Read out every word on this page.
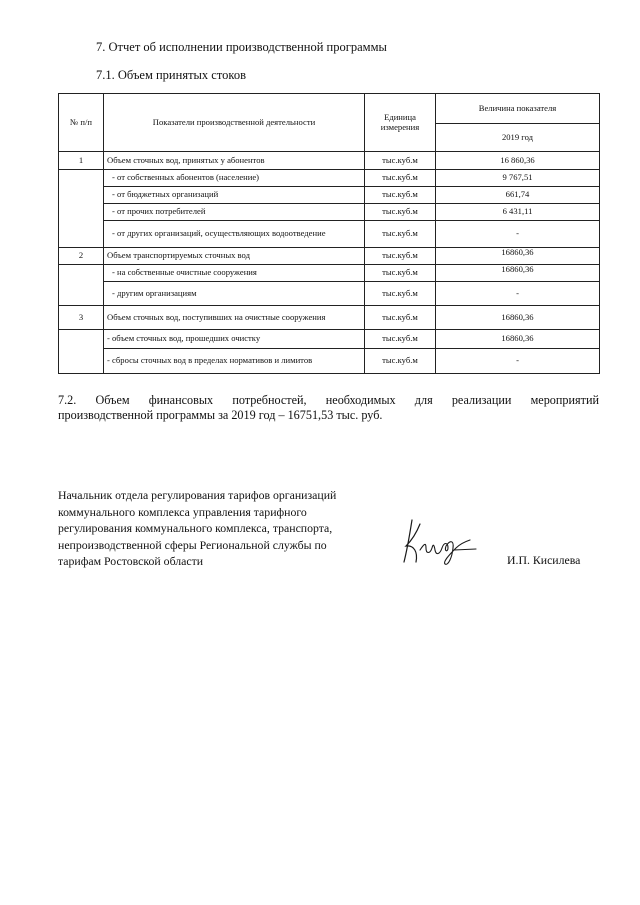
7. Отчет об исполнении производственной программы
7.1. Объем принятых стоков
№ п/п	Показатели производственной деятельности	Единица измерения	Величина показателя
			2019 год
1	Объем сточных вод, принятых у абонентов	тыс.куб.м	16 860,36
	- от собственных абонентов (население)	тыс.куб.м	9 767,51
	- от бюджетных организаций	тыс.куб.м	661,74
	- от прочих потребителей	тыс.куб.м	6 431,11
	- от других организаций, осуществляющих водоотведение	тыс.куб.м	-
2	Объем транспортируемых сточных вод	тыс.куб.м	16860,36
	- на собственные очистные сооружения	тыс.куб.м	16860,36
	- другим организациям	тыс.куб.м	-
3	Объем сточных вод, поступивших на очистные сооружения	тыс.куб.м	16860,36
	- объем сточных вод, прошедших очистку	тыс.куб.м	16860,36
	- сбросы сточных вод в пределах нормативов и лимитов	тыс.куб.м	-
7.2. Объем финансовых потребностей, необходимых для реализации мероприятий
производственной программы за 2019 год – 16751,53 тыс. руб.
Начальник отдела регулирования тарифов организаций
коммунального комплекса управления тарифного
регулирования коммунального комплекса, транспорта,
непроизводственной сферы Региональной службы по
тарифам Ростовской области	И.П. Кисилева
